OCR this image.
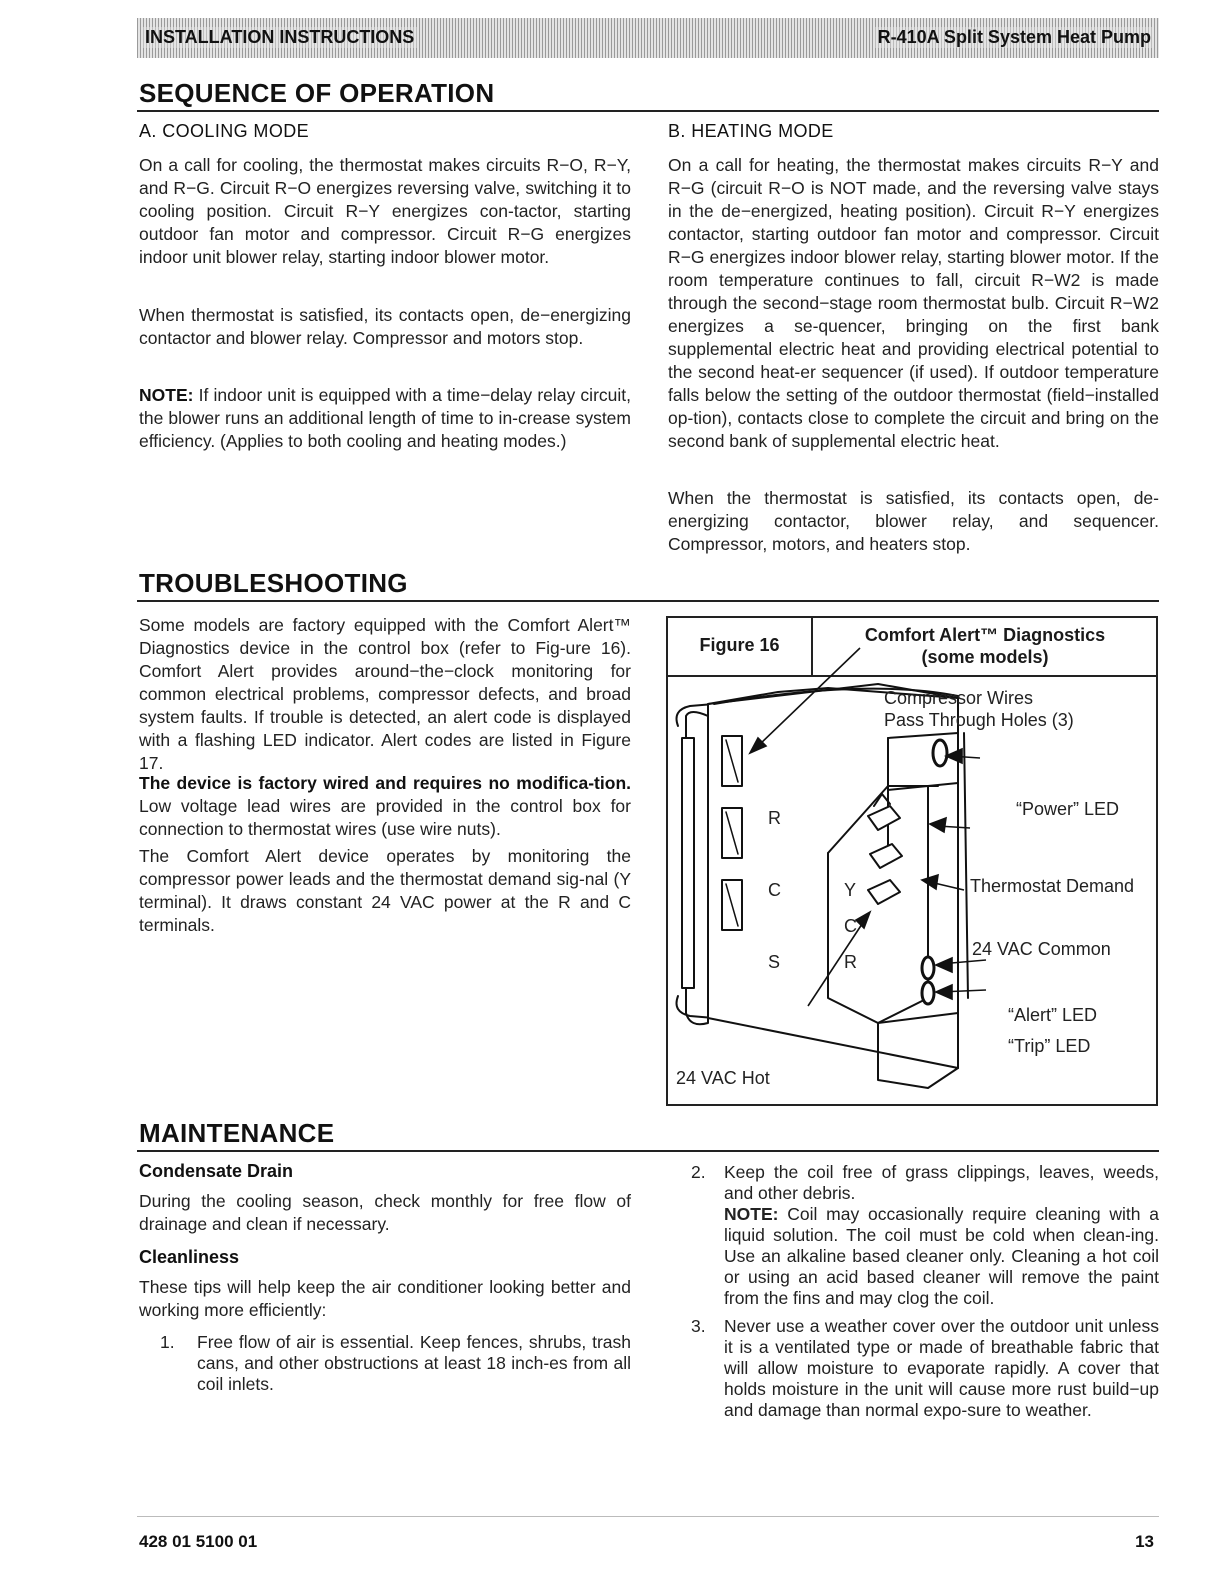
INSTALLATION INSTRUCTIONS	R-410A Split System Heat Pump
SEQUENCE OF OPERATION
A. COOLING MODE

On a call for cooling, the thermostat makes circuits R−O, R−Y, and R−G. Circuit R−O energizes reversing valve, switching it to cooling position. Circuit R−Y energizes con-tactor, starting outdoor fan motor and compressor. Circuit R−G energizes indoor unit blower relay, starting indoor blower motor.

When thermostat is satisfied, its contacts open, de−energizing contactor and blower relay. Compressor and motors stop.

NOTE: If indoor unit is equipped with a time−delay relay circuit, the blower runs an additional length of time to in-crease system efficiency. (Applies to both cooling and heating modes.)

B. HEATING MODE

On a call for heating, the thermostat makes circuits R−Y and R−G (circuit R−O is NOT made, and the reversing valve stays in the de−energized, heating position). Circuit R−Y energizes contactor, starting outdoor fan motor and compressor. Circuit R−G energizes indoor blower relay, starting blower motor. If the room temperature continues to fall, circuit R−W2 is made through the second−stage room thermostat bulb. Circuit R−W2 energizes a se-quencer, bringing on the first bank supplemental electric heat and providing electrical potential to the second heat-er sequencer (if used). If outdoor temperature falls below the setting of the outdoor thermostat (field−installed op-tion), contacts close to complete the circuit and bring on the second bank of supplemental electric heat.

When the thermostat is satisfied, its contacts open, de-energizing contactor, blower relay, and sequencer. Compressor, motors, and heaters stop.

TROUBLESHOOTING

Some models are factory equipped with the Comfort Alert™ Diagnostics device in the control box (refer to Fig-ure 16). Comfort Alert provides around−the−clock monitoring for common electrical problems, compressor defects, and broad system faults. If trouble is detected, an alert code is displayed with a flashing LED indicator. Alert codes are listed in Figure 17.

The device is factory wired and requires no modifica-tion. Low voltage lead wires are provided in the control box for connection to thermostat wires (use wire nuts).

The Comfort Alert device operates by monitoring the compressor power leads and the thermostat demand sig-nal (Y terminal). It draws constant 24 VAC power at the R and C terminals.

Figure 16	Comfort Alert™ Diagnostics
(some models)
Compressor Wires
Pass Through Holes (3)
“Power” LED
Thermostat Demand
24 VAC Common
“Alert” LED
“Trip” LED
24 VAC Hot
R
C
S
Y
C
R
MAINTENANCE
Condensate Drain

During the cooling season, check monthly for free flow of drainage and clean if necessary.

Cleanliness

These tips will help keep the air conditioner looking better and working more efficiently:

1. Free flow of air is essential. Keep fences, shrubs, trash cans, and other obstructions at least 18 inch-es from all coil inlets.
2. Keep the coil free of grass clippings, leaves, weeds, and other debris.
NOTE: Coil may occasionally require cleaning with a liquid solution. The coil must be cold when clean-ing. Use an alkaline based cleaner only. Cleaning a hot coil or using an acid based cleaner will remove the paint from the fins and may clog the coil.
3. Never use a weather cover over the outdoor unit unless it is a ventilated type or made of breathable fabric that will allow moisture to evaporate rapidly. A cover that holds moisture in the unit will cause more rust build−up and damage than normal expo-sure to weather.
428 01 5100 01	13
